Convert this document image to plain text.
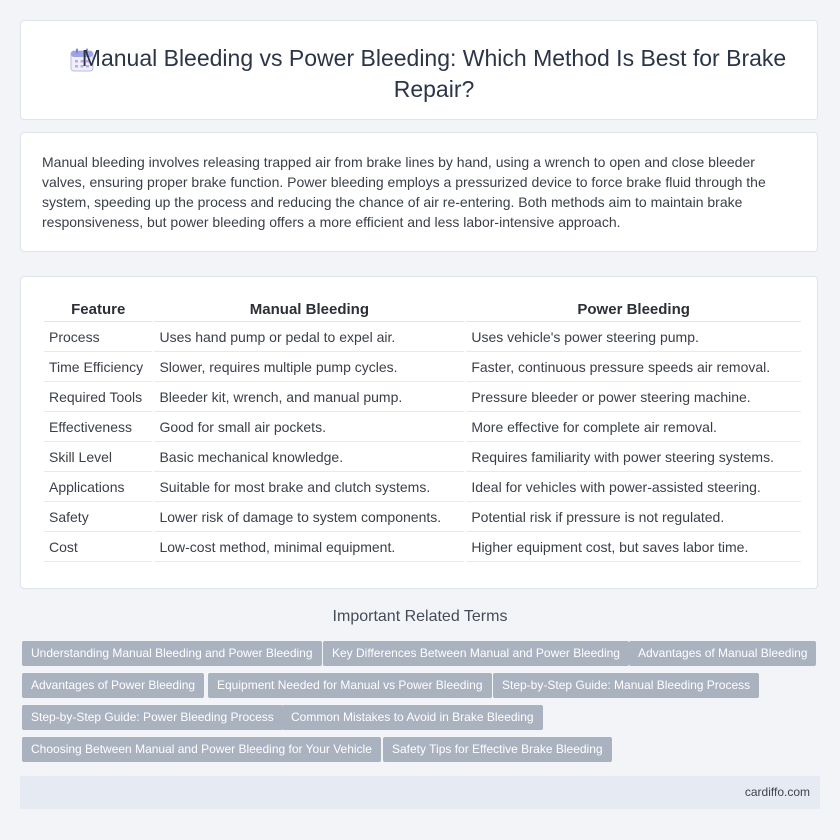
Manual Bleeding vs Power Bleeding: Which Method Is Best for Brake Repair?
Manual bleeding involves releasing trapped air from brake lines by hand, using a wrench to open and close bleeder valves, ensuring proper brake function. Power bleeding employs a pressurized device to force brake fluid through the system, speeding up the process and reducing the chance of air re-entering. Both methods aim to maintain brake responsiveness, but power bleeding offers a more efficient and less labor-intensive approach.
Feature	Manual Bleeding	Power Bleeding
Process	Uses hand pump or pedal to expel air.	Uses vehicle's power steering pump.
Time Efficiency	Slower, requires multiple pump cycles.	Faster, continuous pressure speeds air removal.
Required Tools	Bleeder kit, wrench, and manual pump.	Pressure bleeder or power steering machine.
Effectiveness	Good for small air pockets.	More effective for complete air removal.
Skill Level	Basic mechanical knowledge.	Requires familiarity with power steering systems.
Applications	Suitable for most brake and clutch systems.	Ideal for vehicles with power-assisted steering.
Safety	Lower risk of damage to system components.	Potential risk if pressure is not regulated.
Cost	Low-cost method, minimal equipment.	Higher equipment cost, but saves labor time.
Important Related Terms
Understanding Manual Bleeding and Power Bleeding	Key Differences Between Manual and Power Bleeding	Advantages of Manual Bleeding
Advantages of Power Bleeding	Equipment Needed for Manual vs Power Bleeding	Step-by-Step Guide: Manual Bleeding Process
Step-by-Step Guide: Power Bleeding Process	Common Mistakes to Avoid in Brake Bleeding
Choosing Between Manual and Power Bleeding for Your Vehicle	Safety Tips for Effective Brake Bleeding
cardiffo.com
